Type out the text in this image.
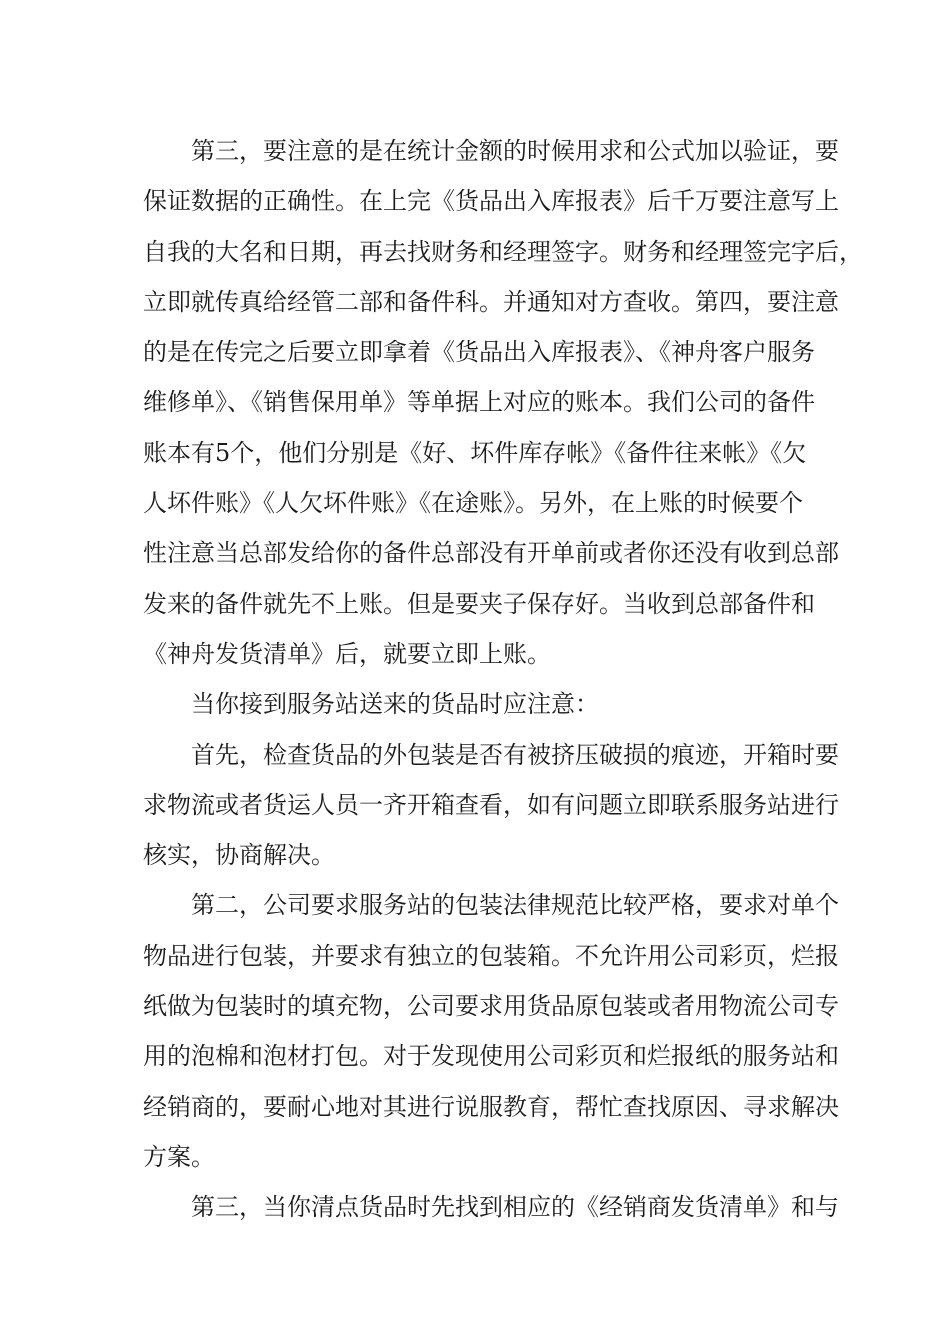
第三，要注意的是在统计金额的时候用求和公式加以验证，要
保证数据的正确性。在上完《货品出入库报表》后千万要注意写上
自我的大名和日期，再去找财务和经理签字。财务和经理签完字后，
立即就传真给经管二部和备件科。并通知对方查收。第四，要注意
的是在传完之后要立即拿着《货品出入库报表》、《神舟客户服务
维修单》、《销售保用单》等单据上对应的账本。我们公司的备件
账本有5个，他们分别是《好、坏件库存帐》《备件往来帐》《欠
人坏件账》《人欠坏件账》《在途账》。另外，在上账的时候要个
性注意当总部发给你的备件总部没有开单前或者你还没有收到总部
发来的备件就先不上账。但是要夹子保存好。当收到总部备件和
《神舟发货清单》后，就要立即上账。
当你接到服务站送来的货品时应注意：
首先，检查货品的外包装是否有被挤压破损的痕迹，开箱时要
求物流或者货运人员一齐开箱查看，如有问题立即联系服务站进行
核实，协商解决。
第二，公司要求服务站的包装法律规范比较严格，要求对单个
物品进行包装，并要求有独立的包装箱。不允许用公司彩页，烂报
纸做为包装时的填充物，公司要求用货品原包装或者用物流公司专
用的泡棉和泡材打包。对于发现使用公司彩页和烂报纸的服务站和
经销商的，要耐心地对其进行说服教育，帮忙查找原因、寻求解决
方案。
第三，当你清点货品时先找到相应的《经销商发货清单》和与
